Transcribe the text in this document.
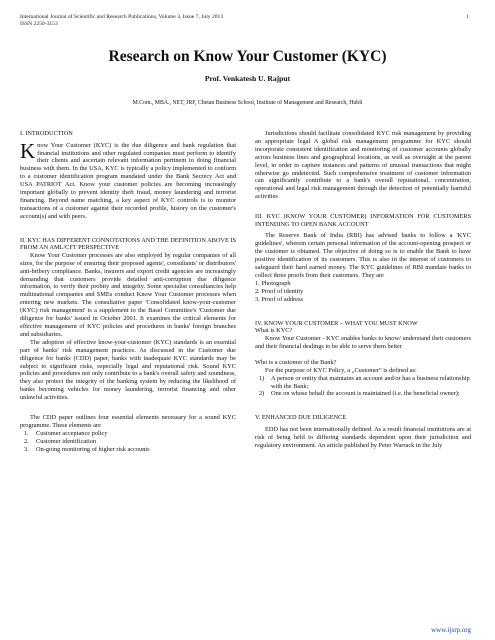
International Journal of Scientific and Research Publications, Volume 3, Issue 7, July 2013
ISSN 2250-3153
1
Research on Know Your Customer (KYC)
Prof. Venkatesh U. Rajput
M.Com., MBA., NET, JRF, Chetan Business School, Institute of Management and Research, Hubli

I. INTRODUCTION

Know Your Customer (KYC) is the due diligence and bank regulation that financial institutions and other regulated companies must perform to identify their clients and ascertain relevant information pertinent to doing financial business with them. In the USA, KYC is typically a policy implemented to conform to a customer identification program mandated under the Bank Secrecy Act and USA PATRIOT Act. Know your customer policies are becoming increasingly important globally to prevent identity theft fraud, money laundering and terrorist financing. Beyond name matching, a key aspect of KYC controls is to monitor transactions of a customer against their recorded profile, history on the customer's account(s) and with peers.

II. KYC HAS DIFFERENT CONNOTATIONS AND THE DEFINITION ABOVE IS FROM AN AML/CFT PERSPECTIVE

Know Your Customer processes are also employed by regular companies of all sizes, for the purpose of ensuring their proposed agents', consultants' or distributors' anti-bribery compliance. Banks, insurers and export credit agencies are increasingly demanding that customers provide detailed anti-corruption due diligence information, to verify their probity and integrity. Some specialist consultancies help multinational companies and SMEs conduct Know Your Customer processes when entering new markets. The consultative paper 'Consolidated know-your-customer (KYC) risk management' is a supplement to the Basel Committee's 'Customer due diligence for banks' issued in October 2001. It examines the critical elements for effective management of KYC policies and procedures in banks' foreign branches and subsidiaries.

The adoption of effective know-your-customer (KYC) standards is an essential part of banks' risk management practices. As discussed in the Customer due diligence for banks (CDD) paper, banks with inadequate KYC standards may be subject to significant risks, especially legal and reputational risk. Sound KYC policies and procedures not only contribute to a bank's overall safety and soundness, they also protect the integrity of the banking system by reducing the likelihood of banks becoming vehicles for money laundering, terrorist financing and other unlawful activities.

The CDD paper outlines four essential elements necessary for a sound KYC programme. These elements are

1.	Customer acceptance policy
2.	Customer identification
3.	On-going monitoring of higher risk accounts

Jurisdictions should facilitate consolidated KYC risk management by providing an appropriate legal A global risk management programme for KYC should incorporate consistent identification and monitoring of customer accounts globally across business lines and geographical locations, as well as oversight at the parent level, in order to capture instances and patterns of unusual transactions that might otherwise go undetected. Such comprehensive treatment of customer information can significantly contribute to a bank's overall reputational, concentration, operational and legal risk management through the detection of potentially harmful activities

III. KYC (KNOW YOUR CUSTOMER) INFORMATION FOR CUSTOMERS INTENDING TO OPEN BANK ACCOUNT

The Reserve Bank of India (RBI) has advised banks to follow a 'KYC guidelines', wherein certain personal information of the account-opening prospect or the customer is obtained. The objective of doing so is to enable the Bank to have positive identification of its customers. This is also in the interest of customers to safeguard their hard earned money. The KYC guidelines of RBI mandate banks to collect three proofs from their customers. They are

1. Photograph
2. Proof of identity
3. Proof of address

IV. KNOW YOUR CUSTOMER – WHAT YOU MUST KNOW

What is KYC?

Know Your Customer - KYC enables banks to know/ understand their customers and their financial dealings to be able to serve them better

Who is a customer of the Bank?

For the purpose of KYC Policy, a „Customer" is defined as:

1)	A person or entity that maintains an account and/or has a business relationship with the Bank;
2)	One on whose behalf the account is maintained (i.e. the beneficial owner);

V. ENHANCED DUE DILIGENCE

EDD has not been internationally defined. As a result financial institutions are at risk of being held to differing standards dependent upon their jurisdiction and regulatory environment. An article published by Peter Warrack in the July

www.ijsrp.org
